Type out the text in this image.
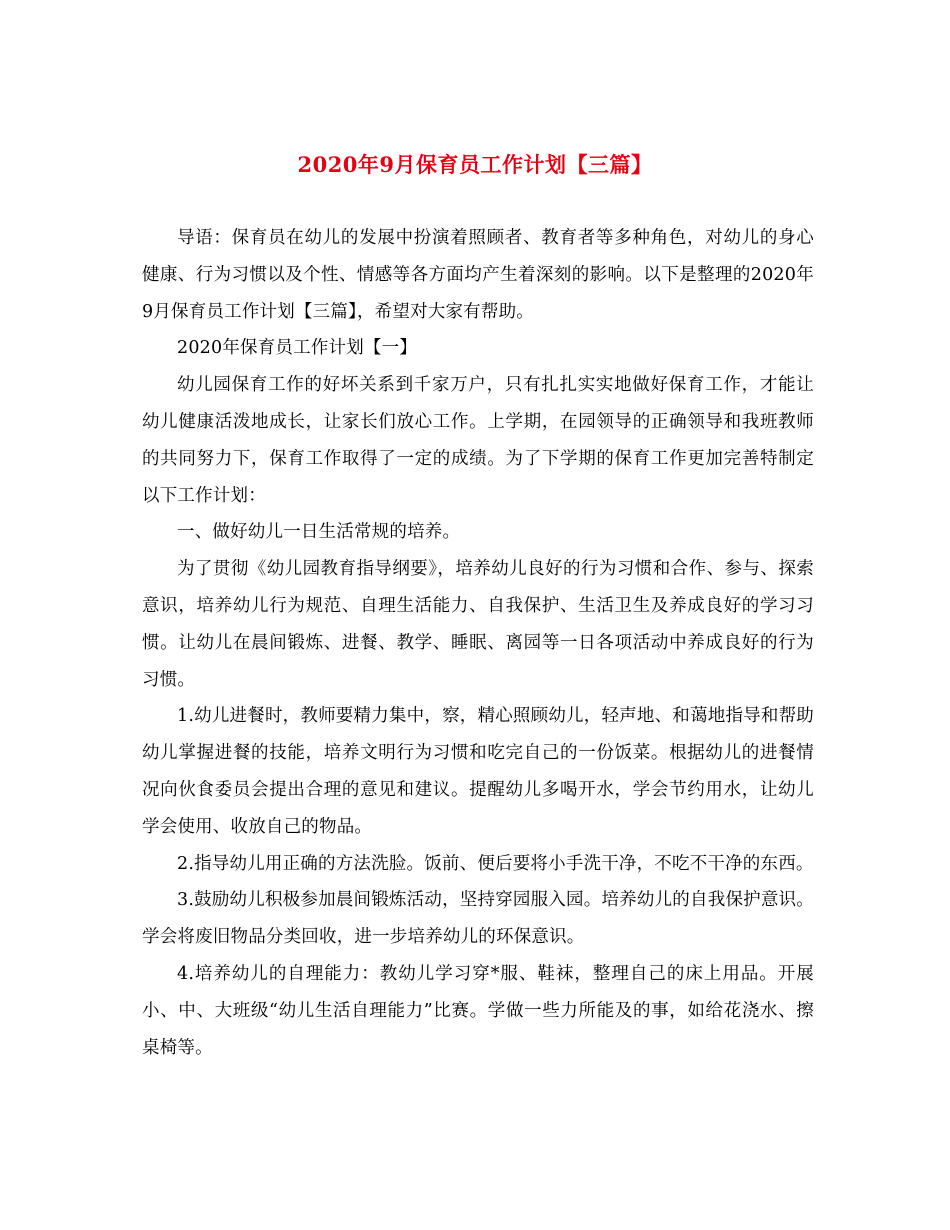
2020年9月保育员工作计划【三篇】

导语：保育员在幼儿的发展中扮演着照顾者、教育者等多种角色，对幼儿的身心健康、行为习惯以及个性、情感等各方面均产生着深刻的影响。以下是整理的2020年9月保育员工作计划【三篇】，希望对大家有帮助。

2020年保育员工作计划【一】

幼儿园保育工作的好坏关系到千家万户，只有扎扎实实地做好保育工作，才能让幼儿健康活泼地成长，让家长们放心工作。上学期，在园领导的正确领导和我班教师的共同努力下，保育工作取得了一定的成绩。为了下学期的保育工作更加完善特制定以下工作计划：

一、做好幼儿一日生活常规的培养。

为了贯彻《幼儿园教育指导纲要》，培养幼儿良好的行为习惯和合作、参与、探索意识，培养幼儿行为规范、自理生活能力、自我保护、生活卫生及养成良好的学习习惯。让幼儿在晨间锻炼、进餐、教学、睡眠、离园等一日各项活动中养成良好的行为习惯。

1.幼儿进餐时，教师要精力集中，察，精心照顾幼儿，轻声地、和蔼地指导和帮助幼儿掌握进餐的技能，培养文明行为习惯和吃完自己的一份饭菜。根据幼儿的进餐情况向伙食委员会提出合理的意见和建议。提醒幼儿多喝开水，学会节约用水，让幼儿学会使用、收放自己的物品。

2.指导幼儿用正确的方法洗脸。饭前、便后要将小手洗干净，不吃不干净的东西。

3.鼓励幼儿积极参加晨间锻炼活动，坚持穿园服入园。培养幼儿的自我保护意识。学会将废旧物品分类回收，进一步培养幼儿的环保意识。

4.培养幼儿的自理能力：教幼儿学习穿*服、鞋袜，整理自己的床上用品。开展小、中、大班级“幼儿生活自理能力”比赛。学做一些力所能及的事，如给花浇水、擦桌椅等。
